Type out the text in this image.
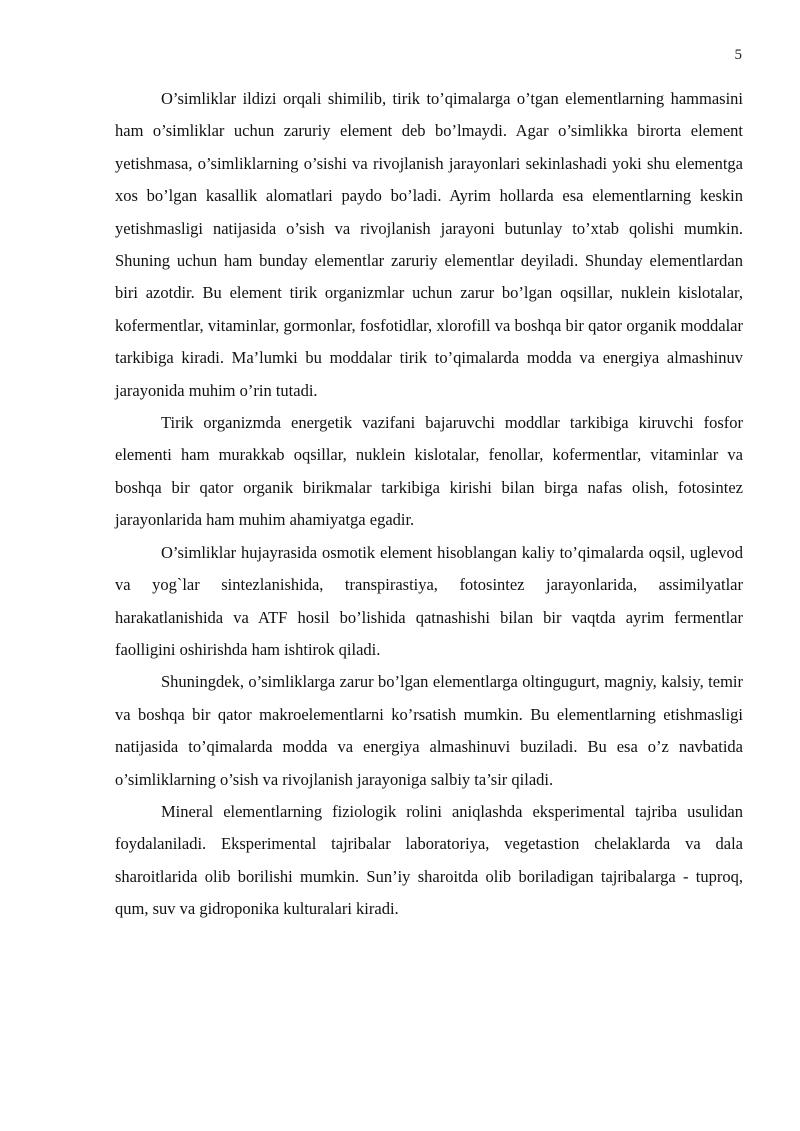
5

O’simliklar ildizi orqali shimilib, tirik to’qimalarga o’tgan elementlarning hammasini ham o’simliklar uchun zaruriy element deb bo’lmaydi. Agar o’simlikka birorta element yetishmasa, o’simliklarning o’sishi va rivojlanish jarayonlari sekinlashadi yoki shu elementga xos bo’lgan kasallik alomatlari paydo bo’ladi. Ayrim hollarda esa elementlarning keskin yetishmasligi natijasida o’sish va rivojlanish jarayoni butunlay to’xtab qolishi mumkin. Shuning uchun ham bunday elementlar zaruriy elementlar deyiladi. Shunday elementlardan biri azotdir. Bu element tirik organizmlar uchun zarur bo’lgan oqsillar, nuklein kislotalar, kofermentlar, vitaminlar, gormonlar, fosfotidlar, xlorofill va boshqa bir qator organik moddalar tarkibiga kiradi. Ma’lumki bu moddalar tirik to’qimalarda modda va energiya almashinuv jarayonida muhim o’rin tutadi.

Tirik organizmda energetik vazifani bajaruvchi moddlar tarkibiga kiruvchi fosfor elementi ham murakkab oqsillar, nuklein kislotalar, fenollar, kofermentlar, vitaminlar va boshqa bir qator organik birikmalar tarkibiga kirishi bilan birga nafas olish, fotosintez jarayonlarida ham muhim ahamiyatga egadir.

O’simliklar hujayrasida osmotik element hisoblangan kaliy to’qimalarda oqsil, uglevod va yog`lar sintezlanishida, transpirastiya, fotosintez jarayonlarida, assimilyatlar harakatlanishida va ATF hosil bo’lishida qatnashishi bilan bir vaqtda ayrim fermentlar faolligini oshirishda ham ishtirok qiladi.

Shuningdek, o’simliklarga zarur bo’lgan elementlarga oltingugurt, magniy, kalsiy, temir va boshqa bir qator makroelementlarni ko’rsatish mumkin. Bu elementlarning etishmasligi natijasida to’qimalarda modda va energiya almashinuvi buziladi. Bu esa o’z navbatida o’simliklarning o’sish va rivojlanish jarayoniga salbiy ta’sir qiladi.

Mineral elementlarning fiziologik rolini aniqlashda eksperimental tajriba usulidan foydalaniladi. Eksperimental tajribalar laboratoriya, vegetastion chelaklarda va dala sharoitlarida olib borilishi mumkin. Sun’iy sharoitda olib boriladigan tajribalarga - tuproq, qum, suv va gidroponika kulturalari kiradi.
